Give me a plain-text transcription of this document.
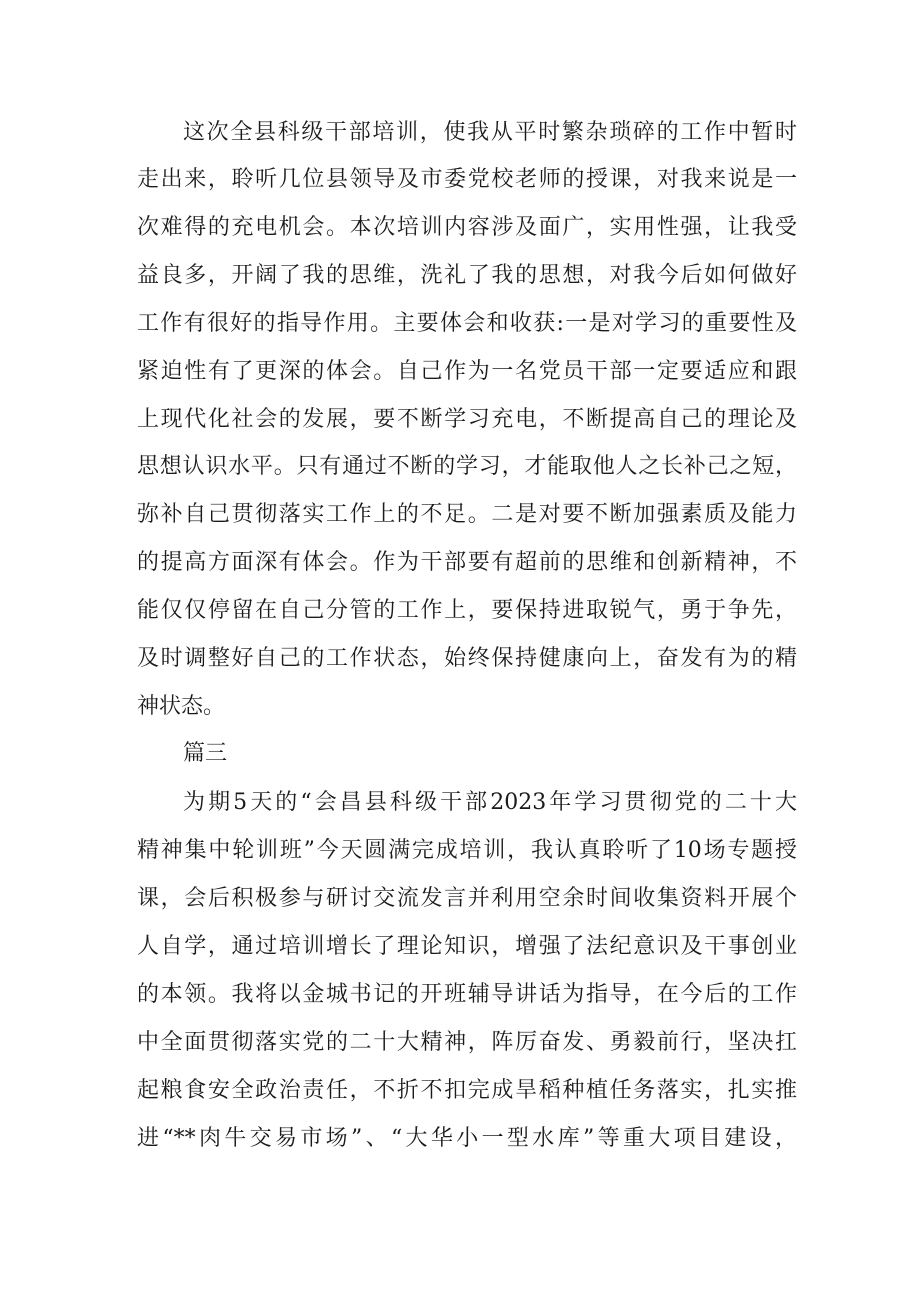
这次全县科级干部培训，使我从平时繁杂琐碎的工作中暂时
走出来，聆听几位县领导及市委党校老师的授课，对我来说是一
次难得的充电机会。本次培训内容涉及面广，实用性强，让我受
益良多，开阔了我的思维，洗礼了我的思想，对我今后如何做好
工作有很好的指导作用。主要体会和收获:一是对学习的重要性及
紧迫性有了更深的体会。自己作为一名党员干部一定要适应和跟
上现代化社会的发展，要不断学习充电，不断提高自己的理论及
思想认识水平。只有通过不断的学习，才能取他人之长补己之短，
弥补自己贯彻落实工作上的不足。二是对要不断加强素质及能力
的提高方面深有体会。作为干部要有超前的思维和创新精神，不
能仅仅停留在自己分管的工作上，要保持进取锐气，勇于争先，
及时调整好自己的工作状态，始终保持健康向上，奋发有为的精
神状态。
篇三
为期5天的“会昌县科级干部2023年学习贯彻党的二十大
精神集中轮训班”今天圆满完成培训，我认真聆听了10场专题授
课，会后积极参与研讨交流发言并利用空余时间收集资料开展个
人自学，通过培训增长了理论知识，增强了法纪意识及干事创业
的本领。我将以金城书记的开班辅导讲话为指导，在今后的工作
中全面贯彻落实党的二十大精神，阵厉奋发、勇毅前行，坚决扛
起粮食安全政治责任，不折不扣完成旱稻种植任务落实，扎实推
进“**肉牛交易市场”、“大华小一型水库”等重大项目建设，
